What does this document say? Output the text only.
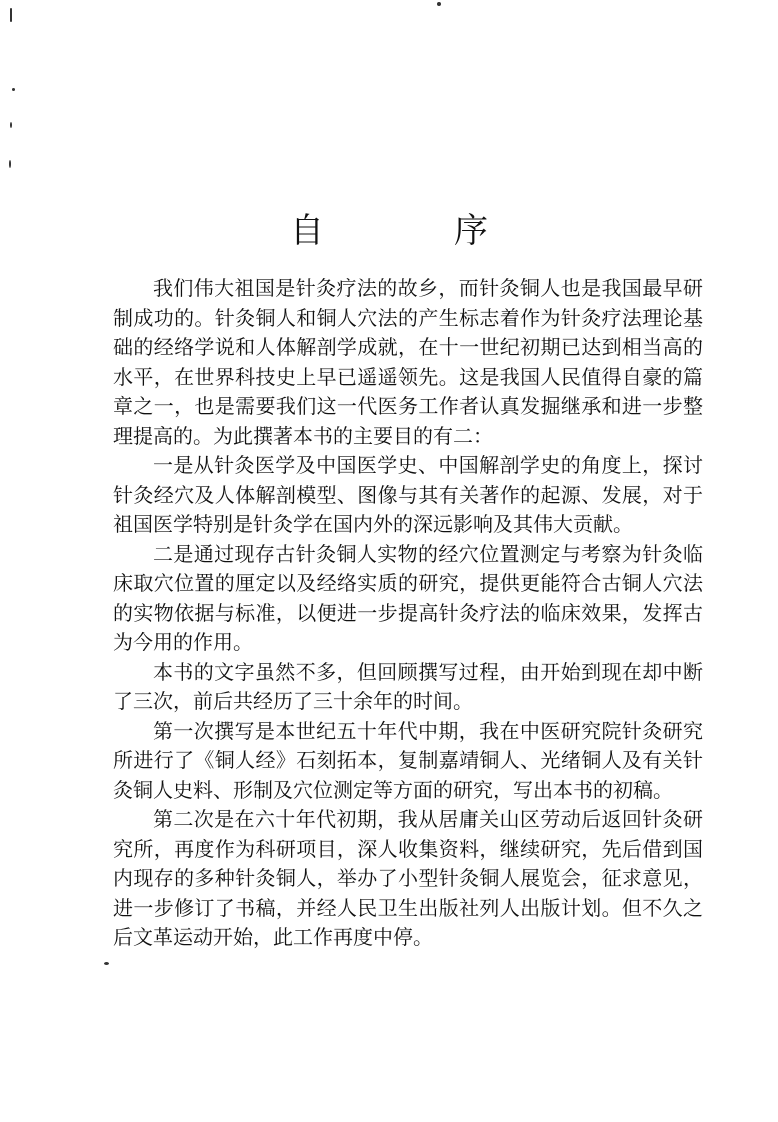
自　序

我们伟大祖国是针灸疗法的故乡，而针灸铜人也是我国最早研制成功的。针灸铜人和铜人穴法的产生标志着作为针灸疗法理论基础的经络学说和人体解剖学成就，在十一世纪初期已达到相当高的水平，在世界科技史上早已遥遥领先。这是我国人民值得自豪的篇章之一，也是需要我们这一代医务工作者认真发掘继承和进一步整理提高的。为此撰著本书的主要目的有二：

一是从针灸医学及中国医学史、中国解剖学史的角度上，探讨针灸经穴及人体解剖模型、图像与其有关著作的起源、发展，对于祖国医学特别是针灸学在国内外的深远影响及其伟大贡献。

二是通过现存古针灸铜人实物的经穴位置测定与考察为针灸临床取穴位置的厘定以及经络实质的研究，提供更能符合古铜人穴法的实物依据与标准，以便进一步提高针灸疗法的临床效果，发挥古为今用的作用。

本书的文字虽然不多，但回顾撰写过程，由开始到现在却中断了三次，前后共经历了三十余年的时间。

第一次撰写是本世纪五十年代中期，我在中医研究院针灸研究所进行了《铜人经》石刻拓本，复制嘉靖铜人、光绪铜人及有关针灸铜人史料、形制及穴位测定等方面的研究，写出本书的初稿。

第二次是在六十年代初期，我从居庸关山区劳动后返回针灸研究所，再度作为科研项目，深人收集资料，继续研究，先后借到国内现存的多种针灸铜人，举办了小型针灸铜人展览会，征求意见，进一步修订了书稿，并经人民卫生出版社列人出版计划。但不久之后文革运动开始，此工作再度中停。
